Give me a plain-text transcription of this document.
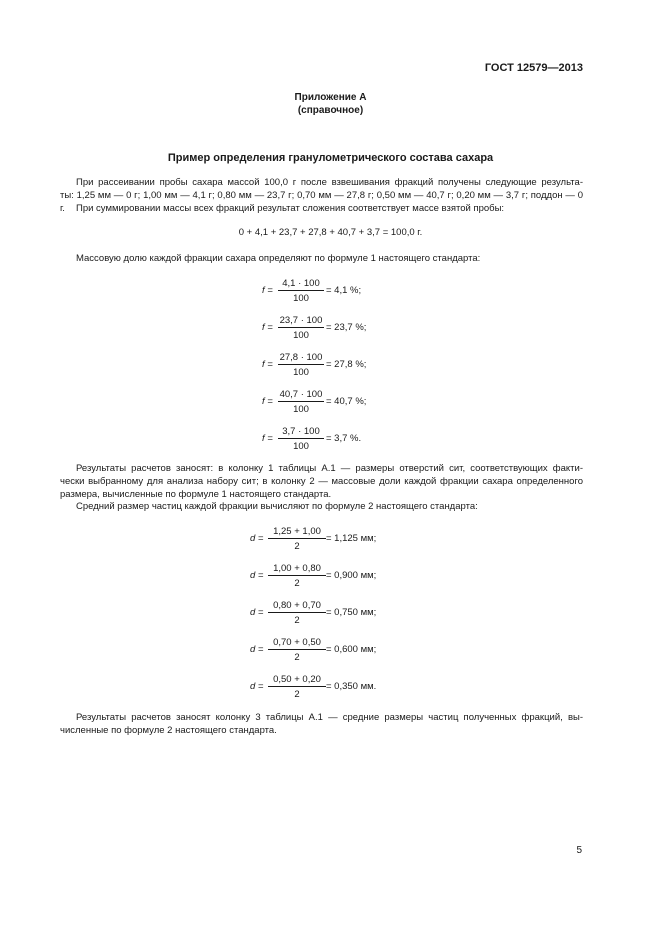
ГОСТ 12579—2013
Приложение А
(справочное)
Пример определения гранулометрического состава сахара
При рассеивании пробы сахара массой 100,0 г после взвешивания фракций получены следующие результа-
ты: 1,25 мм — 0 г; 1,00 мм — 4,1 г; 0,80 мм — 23,7 г; 0,70 мм — 27,8 г; 0,50 мм — 40,7 г; 0,20 мм — 3,7 г; поддон — 0 г.	При суммировании массы всех фракций результат сложения соответствует массе взятой пробы:
0 + 4,1 + 23,7 + 27,8 + 40,7 + 3,7 = 100,0 г.
Массовую долю каждой фракции сахара определяют по формуле 1 настоящего стандарта:
$f = \frac{4,1 \cdot 100}{100} = 4,1$ %;
$f = \frac{23,7 \cdot 100}{100} = 23,7$ %;
$f = \frac{27,8 \cdot 100}{100} = 27,8$ %;
$f = \frac{40,7 \cdot 100}{100} = 40,7$ %;
$f = \frac{3,7 \cdot 100}{100} = 3,7$ %.
Результаты расчетов заносят: в колонку 1 таблицы А.1 — размеры отверстий сит, соответствующих факти-
чески выбранному для анализа набору сит; в колонку 2 — массовые доли каждой фракции сахара определенного
размера, вычисленные по формуле 1 настоящего стандарта.
Средний размер частиц каждой фракции вычисляют по формуле 2 настоящего стандарта:
$d = \frac{1,25 + 1,00}{2} = 1,125$ мм;
$d = \frac{1,00 + 0,80}{2} = 0,900$ мм;
$d = \frac{0,80 + 0,70}{2} = 0,750$ мм;
$d = \frac{0,70 + 0,50}{2} = 0,600$ мм;
$d = \frac{0,50 + 0,20}{2} = 0,350$ мм.
Результаты расчетов заносят колонку 3 таблицы А.1 — средние размеры частиц полученных фракций, вы-
численные по формуле 2 настоящего стандарта.
5
